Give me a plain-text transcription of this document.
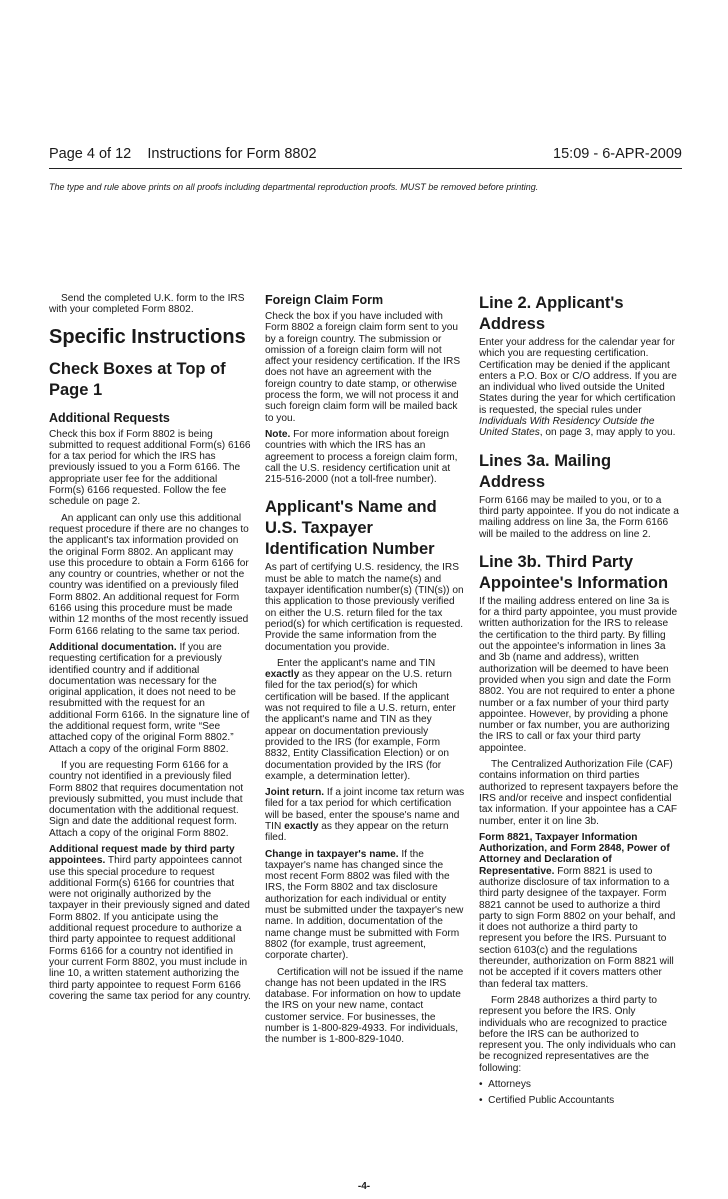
Page 4 of 12    Instructions for Form 8802	15:09 - 6-APR-2009
The type and rule above prints on all proofs including departmental reproduction proofs. MUST be removed before printing.

Send the completed U.K. form to the IRS with your completed Form 8802.

Specific Instructions
Check Boxes at Top of Page 1
Additional Requests

Check this box if Form 8802 is being submitted to request additional Form(s) 6166 for a tax period for which the IRS has previously issued to you a Form 6166. The appropriate user fee for the additional Form(s) 6166 requested. Follow the fee schedule on page 2.

An applicant can only use this additional request procedure if there are no changes to the applicant's tax information provided on the original Form 8802. An applicant may use this procedure to obtain a Form 6166 for any country or countries, whether or not the country was identified on a previously filed Form 8802. An additional request for Form 6166 using this procedure must be made within 12 months of the most recently issued Form 6166 relating to the same tax period.

Additional documentation. If you are requesting certification for a previously identified country and if additional documentation was necessary for the original application, it does not need to be resubmitted with the request for an additional Form 6166. In the signature line of the additional request form, write “See attached copy of the original Form 8802.” Attach a copy of the original Form 8802.

If you are requesting Form 6166 for a country not identified in a previously filed Form 8802 that requires documentation not previously submitted, you must include that documentation with the additional request. Sign and date the additional request form. Attach a copy of the original Form 8802.

Additional request made by third party appointees. Third party appointees cannot use this special procedure to request additional Form(s) 6166 for countries that were not originally authorized by the taxpayer in their previously signed and dated Form 8802. If you anticipate using the additional request procedure to authorize a third party appointee to request additional Forms 6166 for a country not identified in your current Form 8802, you must include in line 10, a written statement authorizing the third party appointee to request Form 6166 covering the same tax period for any country.

Foreign Claim Form

Check the box if you have included with Form 8802 a foreign claim form sent to you by a foreign country. The submission or omission of a foreign claim form will not affect your residency certification. If the IRS does not have an agreement with the foreign country to date stamp, or otherwise process the form, we will not process it and such foreign claim form will be mailed back to you.

Note. For more information about foreign countries with which the IRS has an agreement to process a foreign claim form, call the U.S. residency certification unit at 215-516-2000 (not a toll-free number).

Applicant's Name and U.S. Taxpayer Identification Number

As part of certifying U.S. residency, the IRS must be able to match the name(s) and taxpayer identification number(s) (TIN(s)) on this application to those previously verified on either the U.S. return filed for the tax period(s) for which certification is requested. Provide the same information from the documentation you provide.

Enter the applicant's name and TIN exactly as they appear on the U.S. return filed for the tax period(s) for which certification will be based. If the applicant was not required to file a U.S. return, enter the applicant's name and TIN as they appear on documentation previously provided to the IRS (for example, Form 8832, Entity Classification Election) or on documentation provided by the IRS (for example, a determination letter).

Joint return. If a joint income tax return was filed for a tax period for which certification will be based, enter the spouse's name and TIN exactly as they appear on the return filed.

Change in taxpayer's name. If the taxpayer's name has changed since the most recent Form 8802 was filed with the IRS, the Form 8802 and tax disclosure authorization for each individual or entity must be submitted under the taxpayer's new name. In addition, documentation of the name change must be submitted with Form 8802 (for example, trust agreement, corporate charter).

Certification will not be issued if the name change has not been updated in the IRS database. For information on how to update the IRS on your new name, contact customer service. For businesses, the number is 1-800-829-4933. For individuals, the number is 1-800-829-1040.

Line 2. Applicant's Address

Enter your address for the calendar year for which you are requesting certification. Certification may be denied if the applicant enters a P.O. Box or C/O address. If you are an individual who lived outside the United States during the year for which certification is requested, the special rules under Individuals With Residency Outside the United States, on page 3, may apply to you.

Lines 3a. Mailing Address

Form 6166 may be mailed to you, or to a third party appointee. If you do not indicate a mailing address on line 3a, the Form 6166 will be mailed to the address on line 2.

Line 3b. Third Party Appointee's Information

If the mailing address entered on line 3a is for a third party appointee, you must provide written authorization for the IRS to release the certification to the third party. By filling out the appointee's information in lines 3a and 3b (name and address), written authorization will be deemed to have been provided when you sign and date the Form 8802. You are not required to enter a phone number or a fax number of your third party appointee. However, by providing a phone number or fax number, you are authorizing the IRS to call or fax your third party appointee.

The Centralized Authorization File (CAF) contains information on third parties authorized to represent taxpayers before the IRS and/or receive and inspect confidential tax information. If your appointee has a CAF number, enter it on line 3b.

Form 8821, Taxpayer Information Authorization, and Form 2848, Power of Attorney and Declaration of Representative. Form 8821 is used to authorize disclosure of tax information to a third party designee of the taxpayer. Form 8821 cannot be used to authorize a third party to sign Form 8802 on your behalf, and it does not authorize a third party to represent you before the IRS. Pursuant to section 6103(c) and the regulations thereunder, authorization on Form 8821 will not be accepted if it covers matters other than federal tax matters.

Form 2848 authorizes a third party to represent you before the IRS. Only individuals who are recognized to practice before the IRS can be authorized to represent you. The only individuals who can be recognized representatives are the following:

•  Attorneys

•  Certified Public Accountants

-4-
